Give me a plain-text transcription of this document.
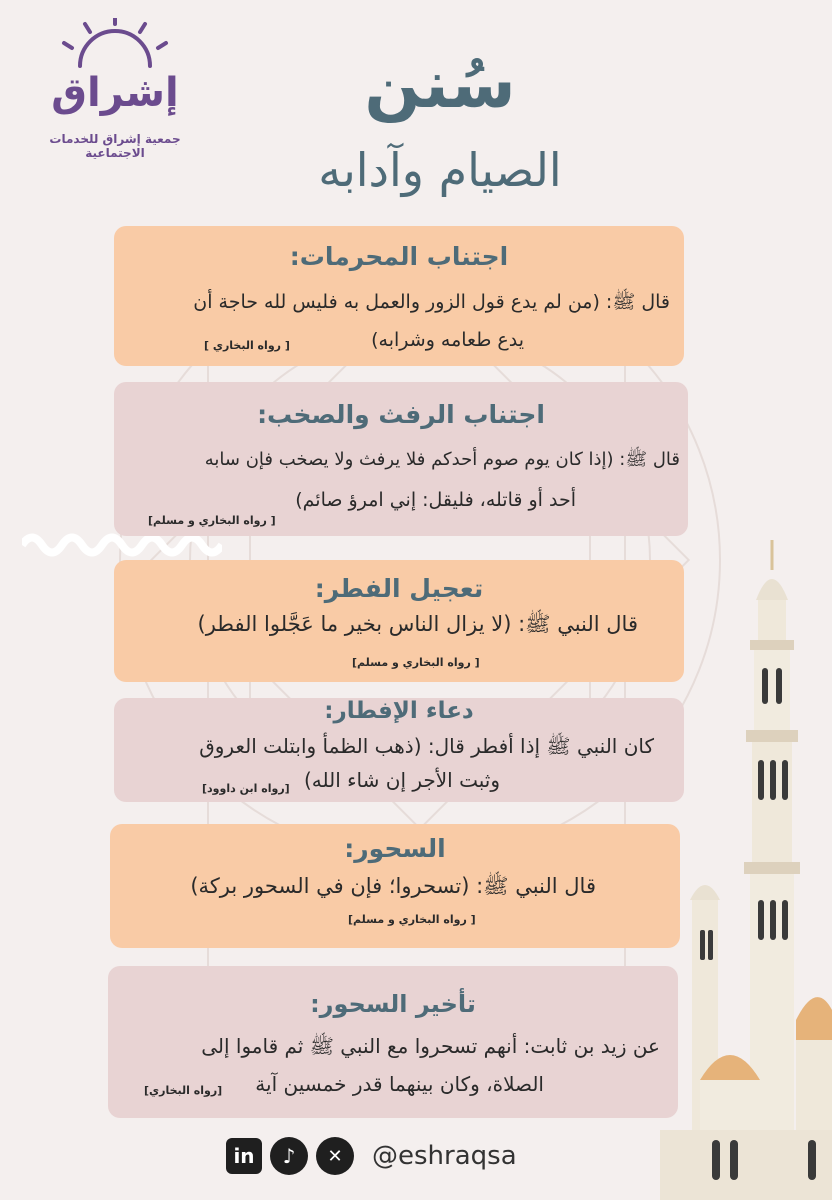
إشراق
جمعية إشراق للخدمات الاجتماعية
سُنن
الصيام وآدابه
اجتناب المحرمات:
قال ﷺ: (من لم يدع قول الزور والعمل به فليس لله حاجة أن
يدع طعامه وشرابه)
[ رواه البخاري ]
اجتناب الرفث والصخب:
قال ﷺ: (إذا كان يوم صوم أحدكم فلا يرفث ولا يصخب فإن سابه
أحد أو قاتله، فليقل: إني امرؤ صائم)
[ رواه البخاري و مسلم]
تعجيل الفطر:
قال النبي ﷺ: (لا يزال الناس بخير ما عَجَّلوا الفطر)
[ رواه البخاري و مسلم]
دعاء الإفطار:
كان النبي ﷺ إذا أفطر قال: (ذهب الظمأ وابتلت العروق
وثبت الأجر إن شاء الله)
[رواه ابن داوود]
السحور:
قال النبي ﷺ: (تسحروا؛ فإن في السحور بركة)
[ رواه البخاري و مسلم]
تأخير السحور:
عن زيد بن ثابت: أنهم تسحروا مع النبي ﷺ ثم قاموا إلى
الصلاة، وكان بينهما قدر خمسين آية
[رواه البخاري]
in ♪ ✕ @eshraqsa
